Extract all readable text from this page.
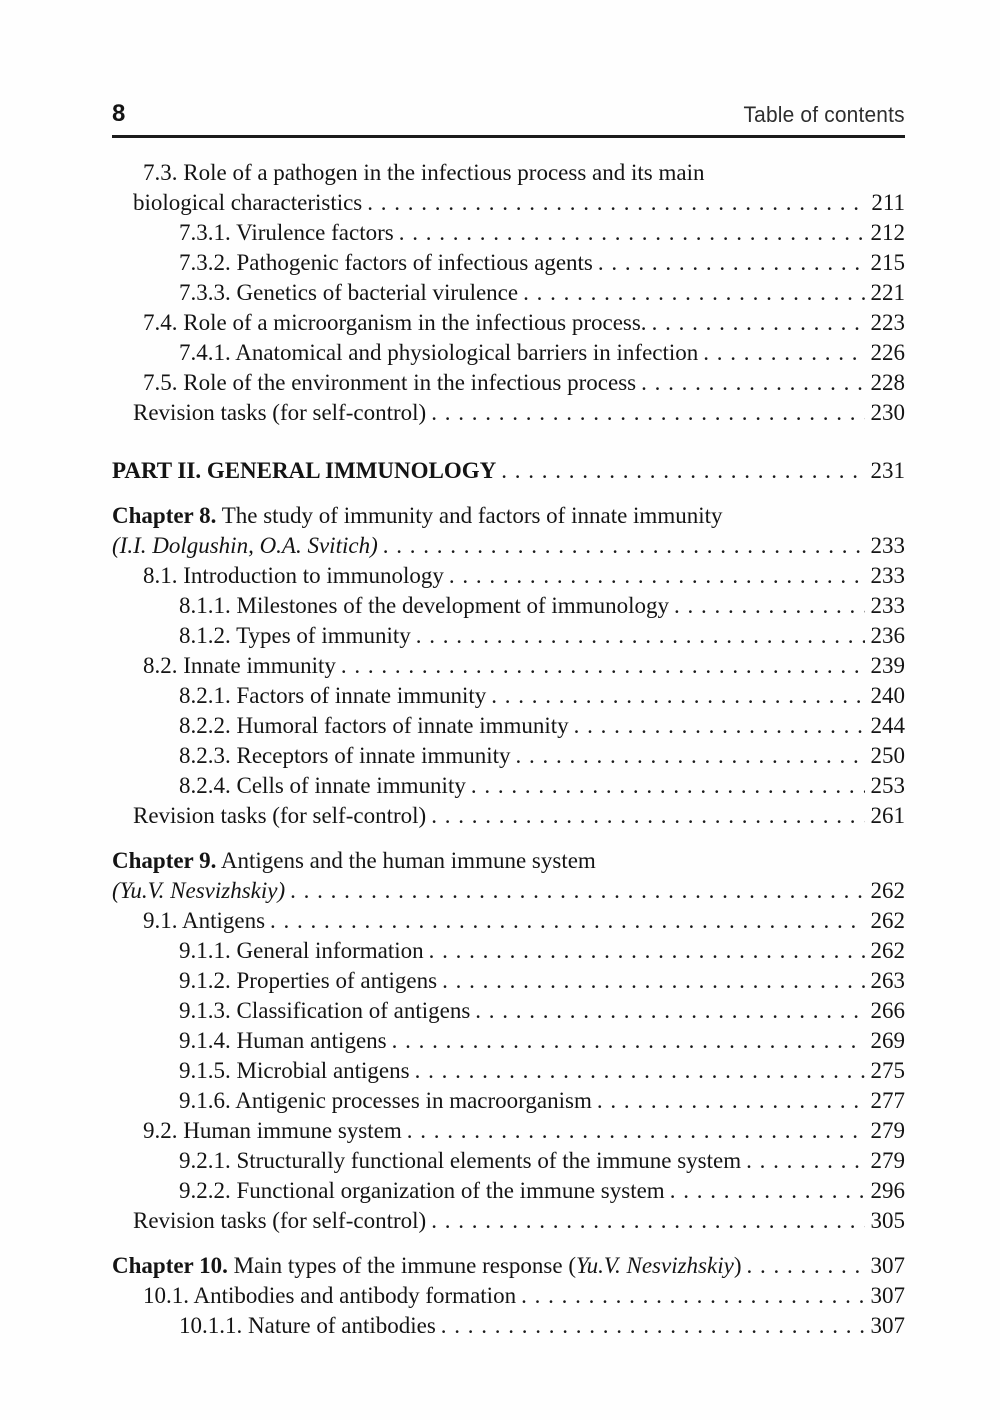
8	Table of contents
7.3. Role of a pathogen in the infectious process and its main
biological characteristics . . .	211
7.3.1. Virulence factors . . .	212
7.3.2. Pathogenic factors of infectious agents . . .	215
7.3.3. Genetics of bacterial virulence . . .	221
7.4. Role of a microorganism in the infectious process. . . .	223
7.4.1. Anatomical and physiological barriers in infection . . .	226
7.5. Role of the environment in the infectious process . . .	228
Revision tasks (for self-control) . . .	230
PART II. GENERAL IMMUNOLOGY . . .	231
Chapter 8. The study of immunity and factors of innate immunity
(I.I. Dolgushin, O.A. Svitich) . . .	233
8.1. Introduction to immunology . . .	233
8.1.1. Milestones of the development of immunology . . .	233
8.1.2. Types of immunity . . .	236
8.2. Innate immunity . . .	239
8.2.1. Factors of innate immunity . . .	240
8.2.2. Humoral factors of innate immunity . . .	244
8.2.3. Receptors of innate immunity . . .	250
8.2.4. Cells of innate immunity . . .	253
Revision tasks (for self-control) . . .	261
Chapter 9. Antigens and the human immune system
(Yu.V. Nesvizhskiy) . . .	262
9.1. Antigens . . .	262
9.1.1. General information . . .	262
9.1.2. Properties of antigens . . .	263
9.1.3. Classification of antigens . . .	266
9.1.4. Human antigens . . .	269
9.1.5. Microbial antigens . . .	275
9.1.6. Antigenic processes in macroorganism . . .	277
9.2. Human immune system . . .	279
9.2.1. Structurally functional elements of the immune system . . .	279
9.2.2. Functional organization of the immune system . . .	296
Revision tasks (for self-control) . . .	305
Chapter 10. Main types of the immune response (Yu.V. Nesvizhskiy) . . .	307
10.1. Antibodies and antibody formation . . .	307
10.1.1. Nature of antibodies . . .	307
